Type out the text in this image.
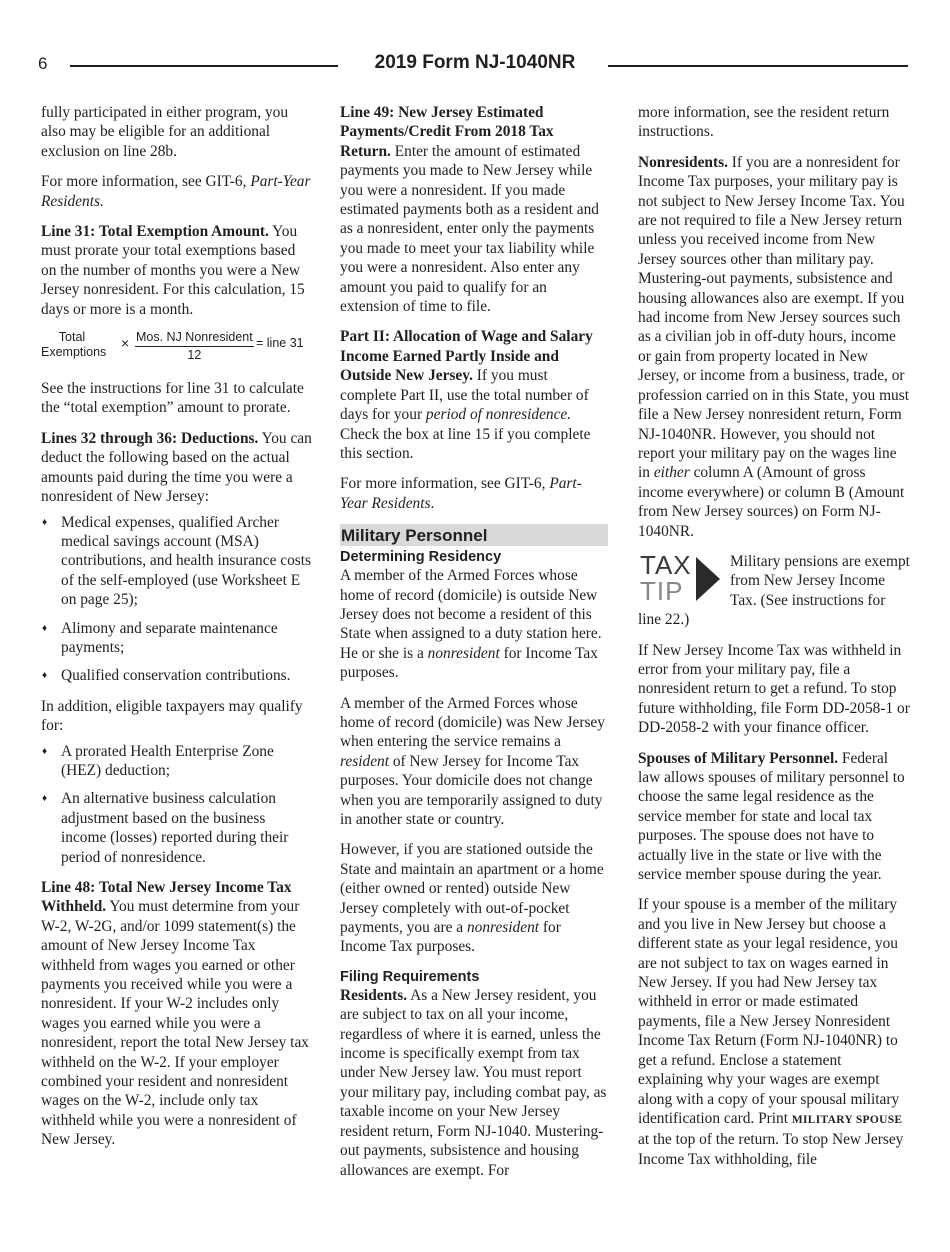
6	2019 Form NJ-1040NR

fully participated in either program, you also may be eligible for an additional exclusion on line 28b.

For more information, see GIT-6, Part-Year Residents.

Line 31: Total Exemption Amount. You must prorate your total exemptions based on the number of months you were a New Jersey nonresident. For this calculation, 15 days or more is a month.

Total
Exemptions
× Mos. NJ Nonresident
12
= line 31

See the instructions for line 31 to calculate the “total exemption” amount to prorate.

Lines 32 through 36: Deductions. You can deduct the following based on the actual amounts paid during the time you were a nonresident of New Jersey:

♦ Medical expenses, qualified Archer medical savings account (MSA) contributions, and health insurance costs of the self-employed (use Worksheet E on page 25);
♦ Alimony and separate maintenance payments;
♦ Qualified conservation contributions.

In addition, eligible taxpayers may qualify for:

♦ A prorated Health Enterprise Zone (HEZ) deduction;
♦ An alternative business calculation adjustment based on the business income (losses) reported during their period of nonresidence.

Line 48: Total New Jersey Income Tax Withheld. You must determine from your W-2, W-2G, and/or 1099 statement(s) the amount of New Jersey Income Tax withheld from wages you earned or other payments you received while you were a nonresident. If your W-2 includes only wages you earned while you were a nonresident, report the total New Jersey tax withheld on the W-2. If your employer combined your resident and nonresident wages on the W-2, include only tax withheld while you were a nonresident of New Jersey.

Line 49: New Jersey Estimated Payments/Credit From 2018 Tax Return. Enter the amount of estimated payments you made to New Jersey while you were a nonresident. If you made estimated payments both as a resident and as a nonresident, enter only the payments you made to meet your tax liability while you were a nonresident. Also enter any amount you paid to qualify for an extension of time to file.

Part II: Allocation of Wage and Salary Income Earned Partly Inside and Outside New Jersey. If you must complete Part II, use the total number of days for your period of nonresidence. Check the box at line 15 if you complete this section.

For more information, see GIT-6, Part-Year Residents.

Military Personnel
Determining Residency

A member of the Armed Forces whose home of record (domicile) is outside New Jersey does not become a resident of this State when assigned to a duty station here. He or she is a nonresident for Income Tax purposes.

A member of the Armed Forces whose home of record (domicile) was New Jersey when entering the service remains a resident of New Jersey for Income Tax purposes. Your domicile does not change when you are temporarily assigned to duty in another state or country.

However, if you are stationed outside the State and maintain an apartment or a home (either owned or rented) outside New Jersey completely with out-of-pocket payments, you are a nonresident for Income Tax purposes.

Filing Requirements

Residents. As a New Jersey resident, you are subject to tax on all your income, regardless of where it is earned, unless the income is specifically exempt from tax under New Jersey law. You must report your military pay, including combat pay, as taxable income on your New Jersey resident return, Form NJ-1040. Mustering-out payments, subsistence and housing allowances are exempt. For

more information, see the resident return instructions.

Nonresidents. If you are a nonresident for Income Tax purposes, your military pay is not subject to New Jersey Income Tax. You are not required to file a New Jersey return unless you received income from New Jersey sources other than military pay. Mustering-out payments, subsistence and housing allowances also are exempt. If you had income from New Jersey sources such as a civilian job in off-duty hours, income or gain from property located in New Jersey, or income from a business, trade, or profession carried on in this State, you must file a New Jersey nonresident return, Form NJ-1040NR. However, you should not report your military pay on the wages line in either column A (Amount of gross income everywhere) or column B (Amount from New Jersey sources) on Form NJ-1040NR.

TAX
TIP
Military pensions are exempt from New Jersey Income Tax. (See instructions for line 22.)

If New Jersey Income Tax was withheld in error from your military pay, file a nonresident return to get a refund. To stop future withholding, file Form DD-2058-1 or DD-2058-2 with your finance officer.

Spouses of Military Personnel. Federal law allows spouses of military personnel to choose the same legal residence as the service member for state and local tax purposes. The spouse does not have to actually live in the state or live with the service member spouse during the year.

If your spouse is a member of the military and you live in New Jersey but choose a different state as your legal residence, you are not subject to tax on wages earned in New Jersey. If you had New Jersey tax withheld in error or made estimated payments, file a New Jersey Nonresident Income Tax Return (Form NJ-1040NR) to get a refund. Enclose a statement explaining why your wages are exempt along with a copy of your spousal military identification card. Print MILITARY SPOUSE at the top of the return. To stop New Jersey Income Tax withholding, file
